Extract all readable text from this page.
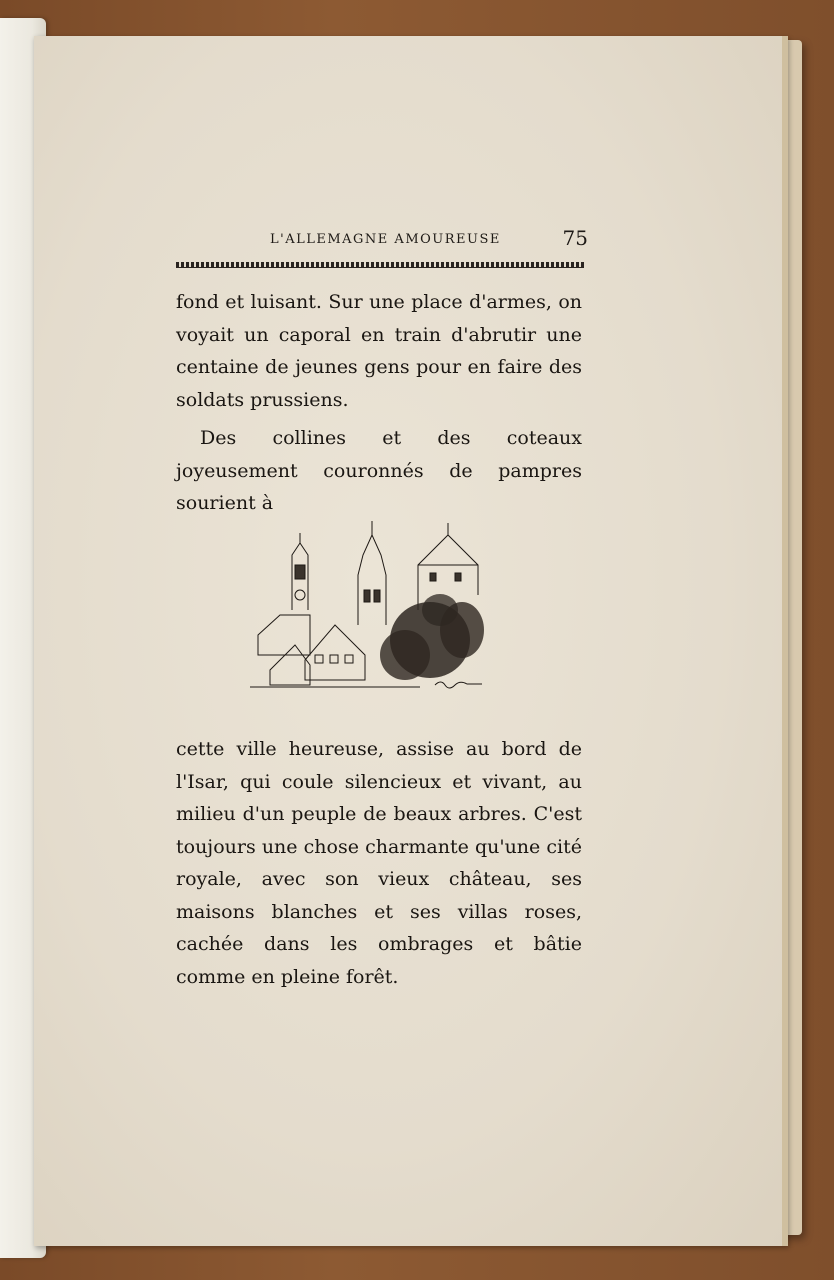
L'ALLEMAGNE AMOUREUSE	75

fond et luisant. Sur une place d'armes, on voyait un caporal en train d'abrutir une centaine de jeunes gens pour en faire des soldats prussiens.

Des collines et des coteaux joyeusement couronnés de pampres sourient à

cette ville heureuse, assise au bord de l'Isar, qui coule silencieux et vivant, au milieu d'un peuple de beaux arbres. C'est toujours une chose charmante qu'une cité royale, avec son vieux château, ses maisons blanches et ses villas roses, cachée dans les ombrages et bâtie comme en pleine forêt.
